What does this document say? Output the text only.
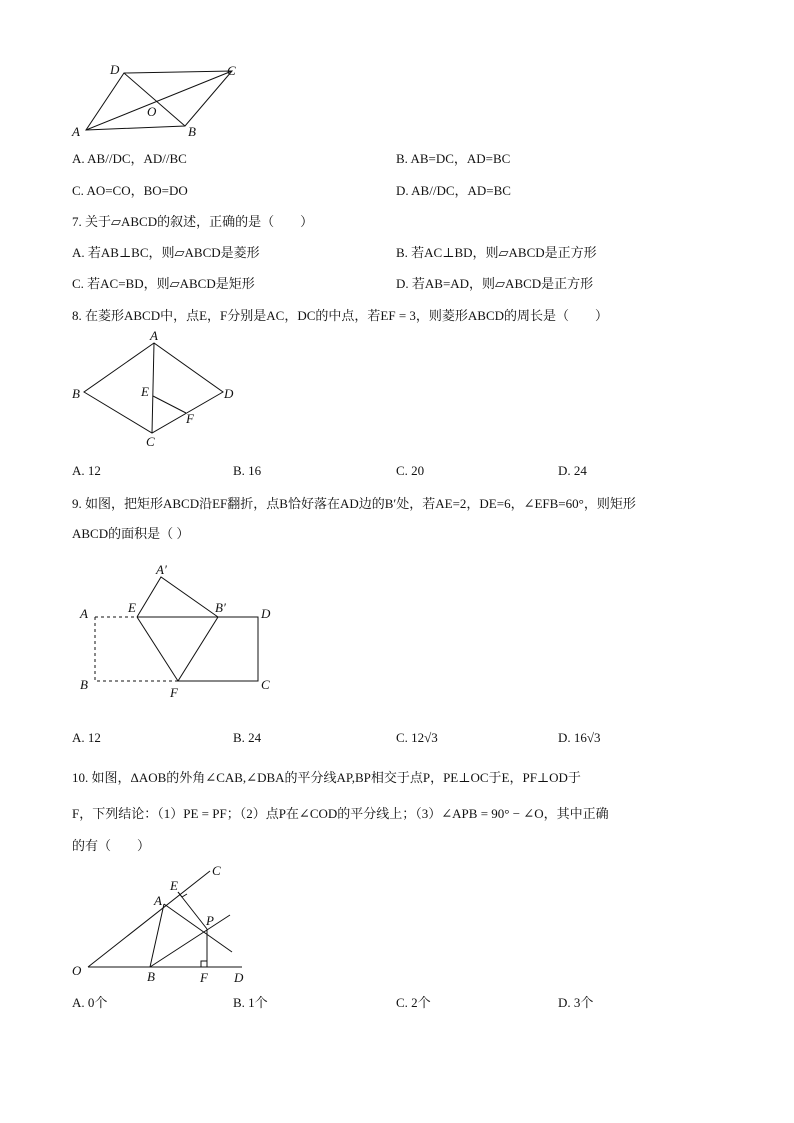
D	C
O
A	B
A. AB//DC，AD//BC	B. AB=DC，AD=BC
C. AO=CO，BO=DO	D. AB//DC，AD=BC
7. 关于▱ABCD的叙述，正确的是（　　）
A. 若AB⊥BC，则▱ABCD是菱形	B. 若AC⊥BD，则▱ABCD是正方形
C. 若AC=BD，则▱ABCD是矩形	D. 若AB=AD，则▱ABCD是正方形
8. 在菱形ABCD中，点E，F分别是AC，DC的中点，若EF = 3，则菱形ABCD的周长是（　　）
A
B
C
D
E
F
A. 12	B. 16	C. 20	D. 24
9. 如图，把矩形ABCD沿EF翻折，点B恰好落在AD边的B′处，若AE=2，DE=6，∠EFB=60°，则矩形
ABCD的面积是（ ）
A′
A	E	B′	D
B
F
C
A. 12	B. 24	C. 12√3	D. 16√3
10. 如图，ΔAOB的外角∠CAB,∠DBA的平分线AP,BP相交于点P，PE⊥OC于E，PF⊥OD于
F，下列结论：（1）PE = PF；（2）点P在∠COD的平分线上；（3）∠APB = 90° − ∠O，其中正确
的有（　　）
C
E
A
P
O	B	F D
A. 0个	B. 1个	C. 2个	D. 3个
